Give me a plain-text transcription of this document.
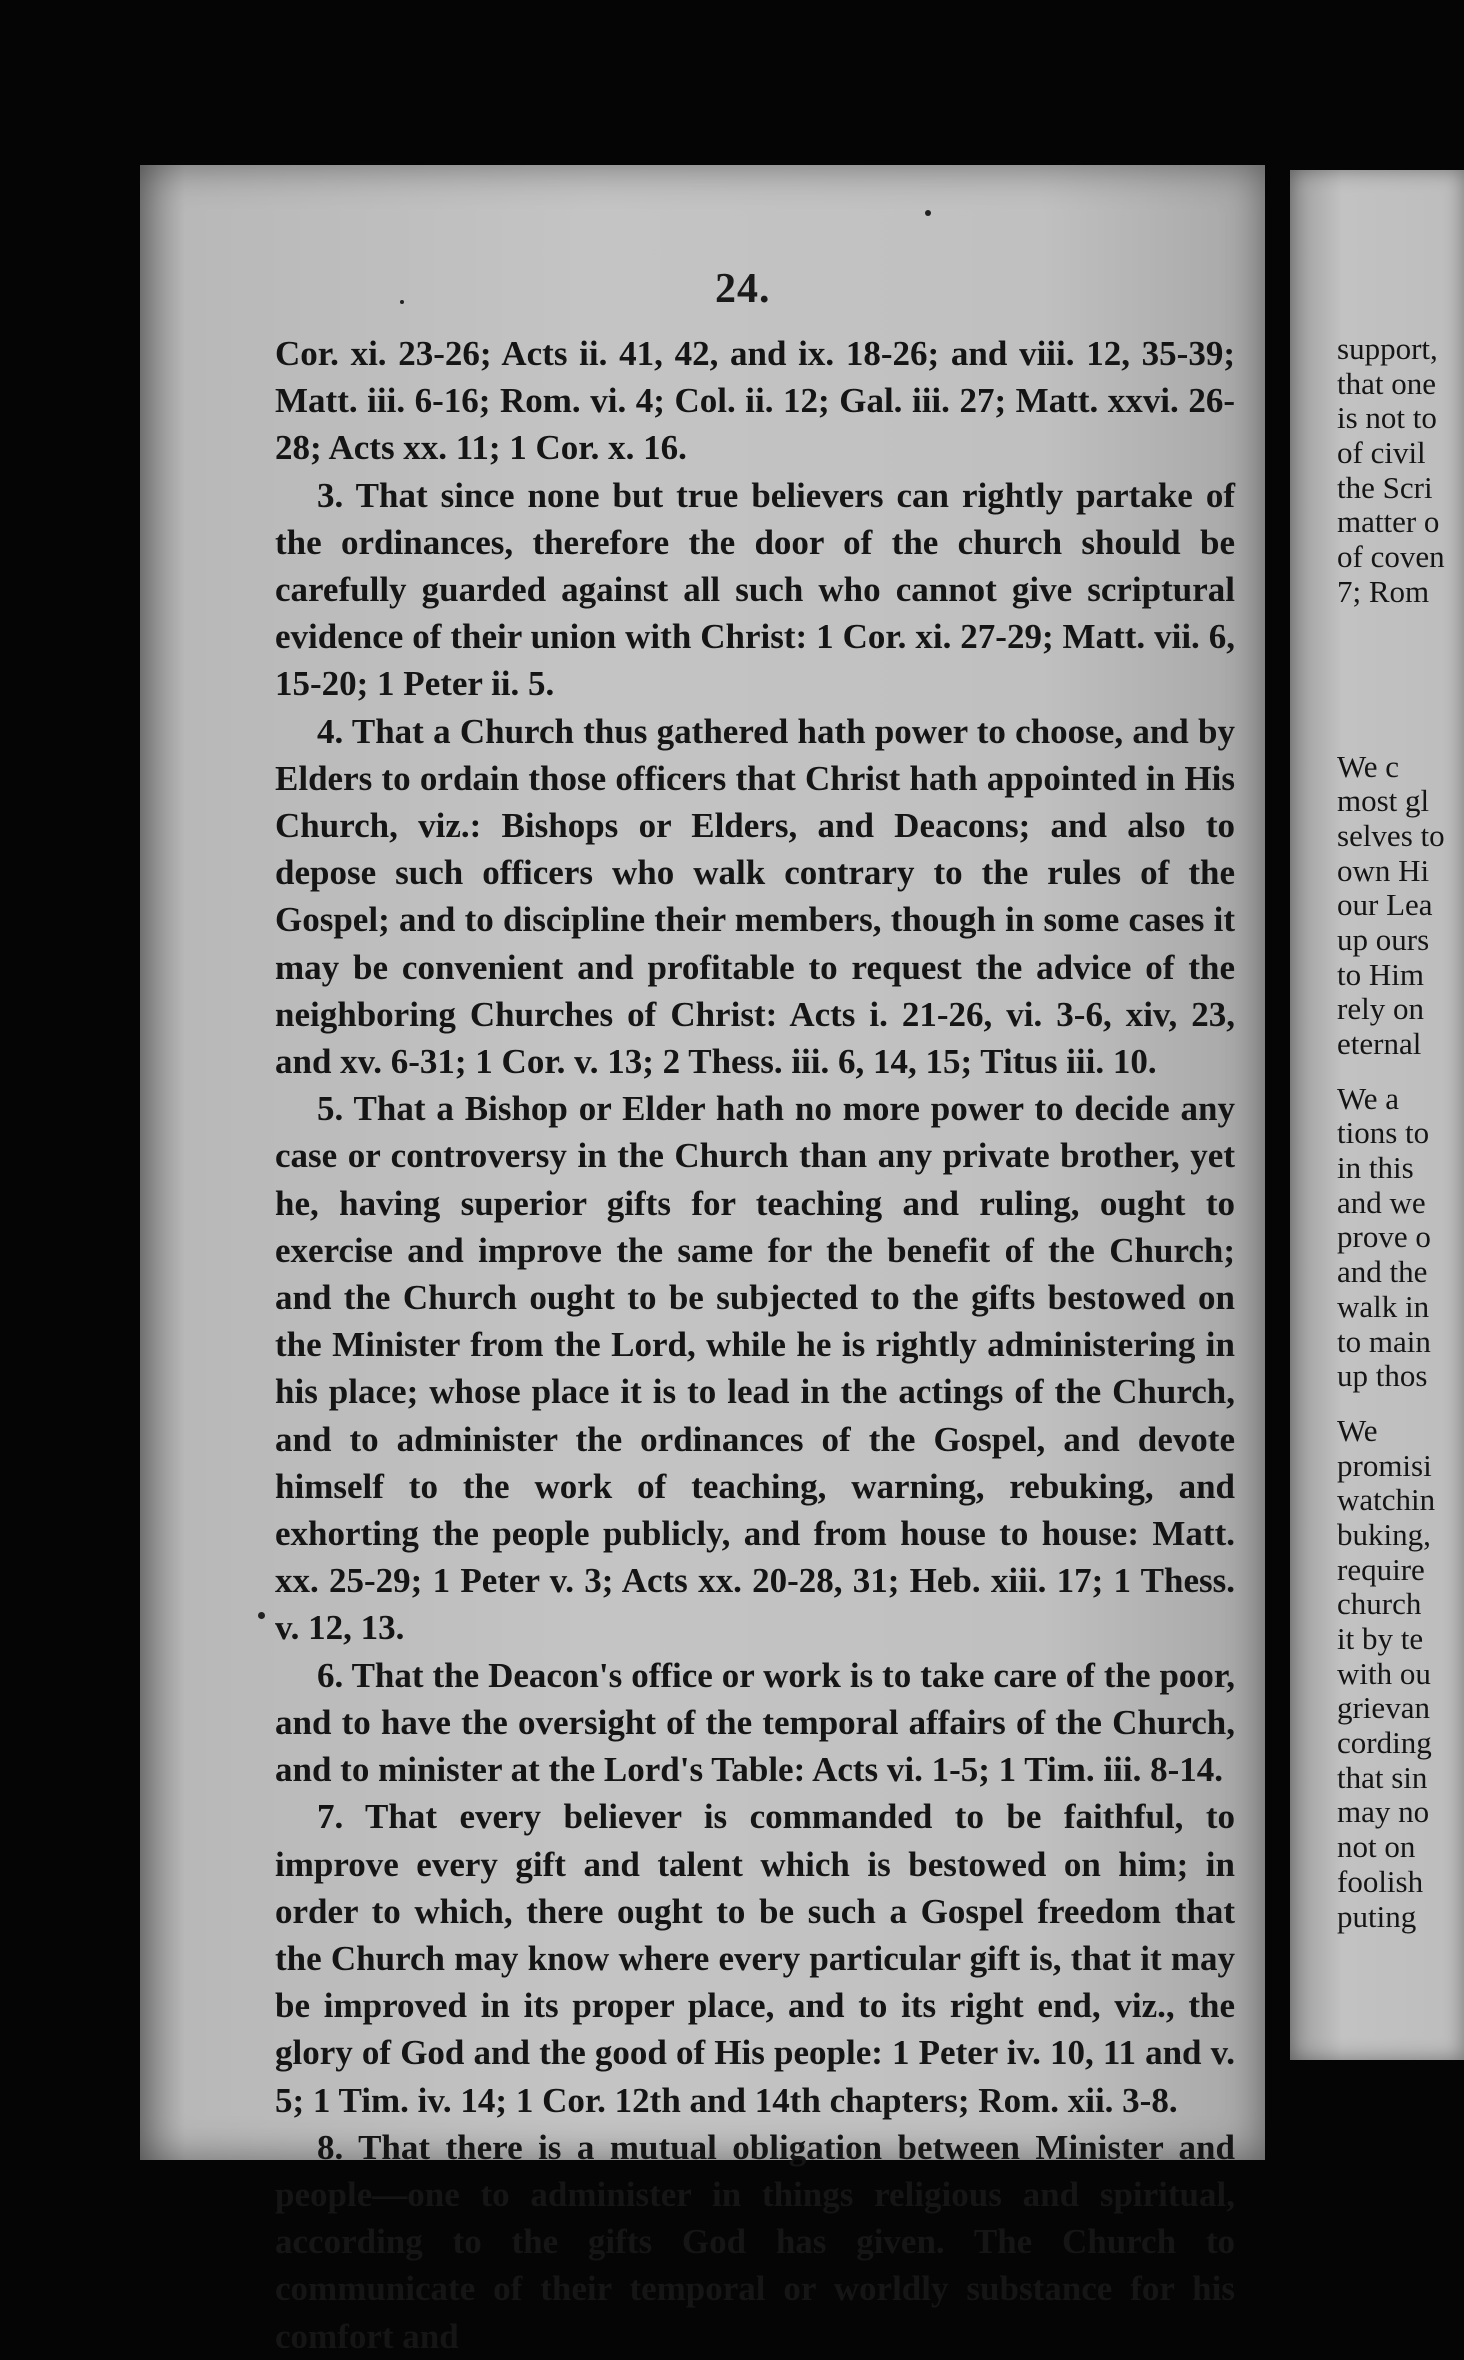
24.

Cor. xi. 23-26; Acts ii. 41, 42, and ix. 18-26; and viii. 12, 35-39; Matt. iii. 6-16; Rom. vi. 4; Col. ii. 12; Gal. iii. 27; Matt. xxvi. 26-28; Acts xx. 11; 1 Cor. x. 16.

3. That since none but true believers can rightly partake of the ordinances, therefore the door of the church should be carefully guarded against all such who cannot give scriptural evidence of their union with Christ: 1 Cor. xi. 27-29; Matt. vii. 6, 15-20; 1 Peter ii. 5.

4. That a Church thus gathered hath power to choose, and by Elders to ordain those officers that Christ hath appointed in His Church, viz.: Bishops or Elders, and Deacons; and also to depose such officers who walk contrary to the rules of the Gospel; and to discipline their members, though in some cases it may be convenient and profitable to request the advice of the neighboring Churches of Christ: Acts i. 21-26, vi. 3-6, xiv, 23, and xv. 6-31; 1 Cor. v. 13; 2 Thess. iii. 6, 14, 15; Titus iii. 10.

5. That a Bishop or Elder hath no more power to decide any case or controversy in the Church than any private brother, yet he, having superior gifts for teaching and ruling, ought to exercise and improve the same for the benefit of the Church; and the Church ought to be subjected to the gifts bestowed on the Minister from the Lord, while he is rightly administering in his place; whose place it is to lead in the actings of the Church, and to administer the ordinances of the Gospel, and devote himself to the work of teaching, warning, rebuking, and exhorting the people publicly, and from house to house: Matt. xx. 25-29; 1 Peter v. 3; Acts xx. 20-28, 31; Heb. xiii. 17; 1 Thess. v. 12, 13.

6. That the Deacon's office or work is to take care of the poor, and to have the oversight of the temporal affairs of the Church, and to minister at the Lord's Table: Acts vi. 1-5; 1 Tim. iii. 8-14.

7. That every believer is commanded to be faithful, to improve every gift and talent which is bestowed on him; in order to which, there ought to be such a Gospel freedom that the Church may know where every particular gift is, that it may be improved in its proper place, and to its right end, viz., the glory of God and the good of His people: 1 Peter iv. 10, 11 and v. 5; 1 Tim. iv. 14; 1 Cor. 12th and 14th chapters; Rom. xii. 3-8.

8. That there is a mutual obligation between Minister and people—one to administer in things religious and spiritual, according to the gifts God has given. The Church to communicate of their temporal or worldly substance for his comfort and

support,
that one
is not to
of civil
the Scri
matter o
of coven
7; Rom
We c
most gl
selves to
own Hi
our Lea
up ours
to Him
rely on
eternal
We a
tions to
in this
and we
prove o
and the
walk in
to main
up thos
We
promisi
watchin
buking,
require
church
it by te
with ou
grievan
cording
that sin
may no
not on
foolish
puting
